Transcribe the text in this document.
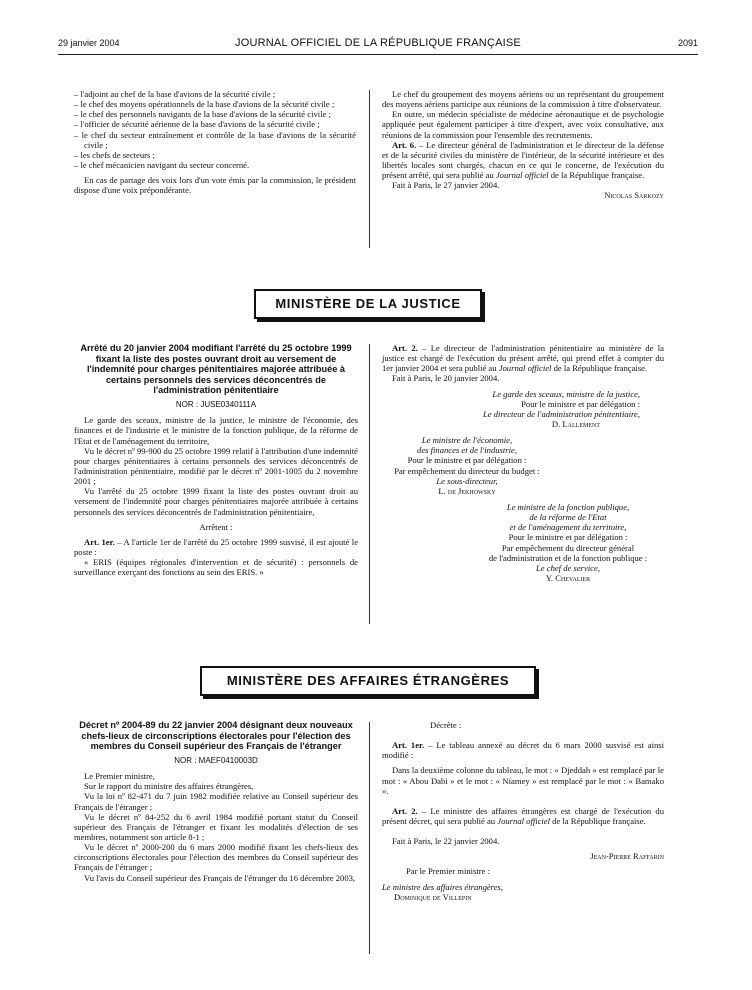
29 janvier 2004	JOURNAL OFFICIEL DE LA RÉPUBLIQUE FRANÇAISE	2091
– l'adjoint au chef de la base d'avions de la sécurité civile ;
– le chef des moyens opérationnels de la base d'avions de la sécurité civile ;
– le chef des personnels navigants de la base d'avions de la sécurité civile ;
– l'officier de sécurité aérienne de la base d'avions de la sécurité civile ;
– le chef du secteur entraînement et contrôle de la base d'avions de la sécurité civile ;
– les chefs de secteurs ;
– le chef mécanicien navigant du secteur concerné.

En cas de partage des voix lors d'un vote émis par la commission, le président dispose d'une voix prépondérante.

Le chef du groupement des moyens aériens ou un représentant du groupement des moyens aériens participe aux réunions de la commission à titre d'observateur.

En outre, un médecin spécialiste de médecine aéronautique et de psychologie appliquée peut également participer à titre d'expert, avec voix consultative, aux réunions de la commission pour l'ensemble des recrutements.

Art. 6. – Le directeur général de l'administration et le directeur de la défense et de la sécurité civiles du ministère de l'intérieur, de la sécurité intérieure et des libertés locales sont chargés, chacun en ce qui le concerne, de l'exécution du présent arrêté, qui sera publié au Journal officiel de la République française.

Fait à Paris, le 27 janvier 2004.

Nicolas Sarkozy

MINISTÈRE DE LA JUSTICE

Arrêté du 20 janvier 2004 modifiant l'arrêté du 25 octobre 1999 fixant la liste des postes ouvrant droit au versement de l'indemnité pour charges pénitentiaires majorée attribuée à certains personnels des services déconcentrés de l'administration pénitentiaire

NOR : JUSE0340111A

Le garde des sceaux, ministre de la justice, le ministre de l'économie, des finances et de l'industrie et le ministre de la fonction publique, de la réforme de l'Etat et de l'aménagement du territoire,

Vu le décret nº 99-900 du 25 octobre 1999 relatif à l'attribution d'une indemnité pour charges pénitentiaires à certains personnels des services déconcentrés de l'administration pénitentiaire, modifié par le décret nº 2001-1005 du 2 novembre 2001 ;

Vu l'arrêté du 25 octobre 1999 fixant la liste des postes ouvrant droit au versement de l'indemnité pour charges pénitentiaires majorée attribuée à certains personnels des services déconcentrés de l'administration pénitentiaire,

Arrêtent :

Art. 1er. – A l'article 1er de l'arrêté du 25 octobre 1999 susvisé, il est ajouté le poste :

« ERIS (équipes régionales d'intervention et de sécurité) : personnels de surveillance exerçant des fonctions au sein des ERIS. »

Art. 2. – Le directeur de l'administration pénitentiaire au ministère de la justice est chargé de l'exécution du présent arrêté, qui prend effet à compter du 1er janvier 2004 et sera publié au Journal officiel de la République française.

Fait à Paris, le 20 janvier 2004.

Le garde des sceaux, ministre de la justice,
Pour le ministre et par délégation :
Le directeur de l'administration pénitentiaire,
D. Lallement
Le ministre de l'économie,
des finances et de l'industrie,
Pour le ministre et par délégation :
Par empêchement du directeur du budget :
Le sous-directeur,
L. de Jekhowsky
Le ministre de la fonction publique,
de la réforme de l'Etat
et de l'aménagement du territoire,
Pour le ministre et par délégation :
Par empêchement du directeur général
de l'administration et de la fonction publique :
Le chef de service,
Y. Chevalier
MINISTÈRE DES AFFAIRES ÉTRANGÈRES

Décret nº 2004-89 du 22 janvier 2004 désignant deux nouveaux chefs-lieux de circonscriptions électorales pour l'élection des membres du Conseil supérieur des Français de l'étranger

NOR : MAEF0410003D

Le Premier ministre,

Sur le rapport du ministre des affaires étrangères,

Vu la loi nº 82-471 du 7 juin 1982 modifiée relative au Conseil supérieur des Français de l'étranger ;

Vu le décret nº 84-252 du 6 avril 1984 modifié portant statut du Conseil supérieur des Français de l'étranger et fixant les modalités d'élection de ses membres, notamment son article 8-1 ;

Vu le décret nº 2000-200 du 6 mars 2000 modifié fixant les chefs-lieux des circonscriptions électorales pour l'élection des membres du Conseil supérieur des Français de l'étranger ;

Vu l'avis du Conseil supérieur des Français de l'étranger du 16 décembre 2003,

Décrète :

Art. 1er. – Le tableau annexé au décret du 6 mars 2000 susvisé est ainsi modifié :

Dans la deuxième colonne du tableau, le mot : « Djeddah » est remplacé par le mot : « Abou Dabi » et le mot : « Niamey » est remplacé par le mot : « Bamako ».

Art. 2. – Le ministre des affaires étrangères est chargé de l'exécution du présent décret, qui sera publié au Journal officiel de la République française.

Fait à Paris, le 22 janvier 2004.

Jean-Pierre Raffarin

Par le Premier ministre :

Le ministre des affaires étrangères,

Dominique de Villepin
